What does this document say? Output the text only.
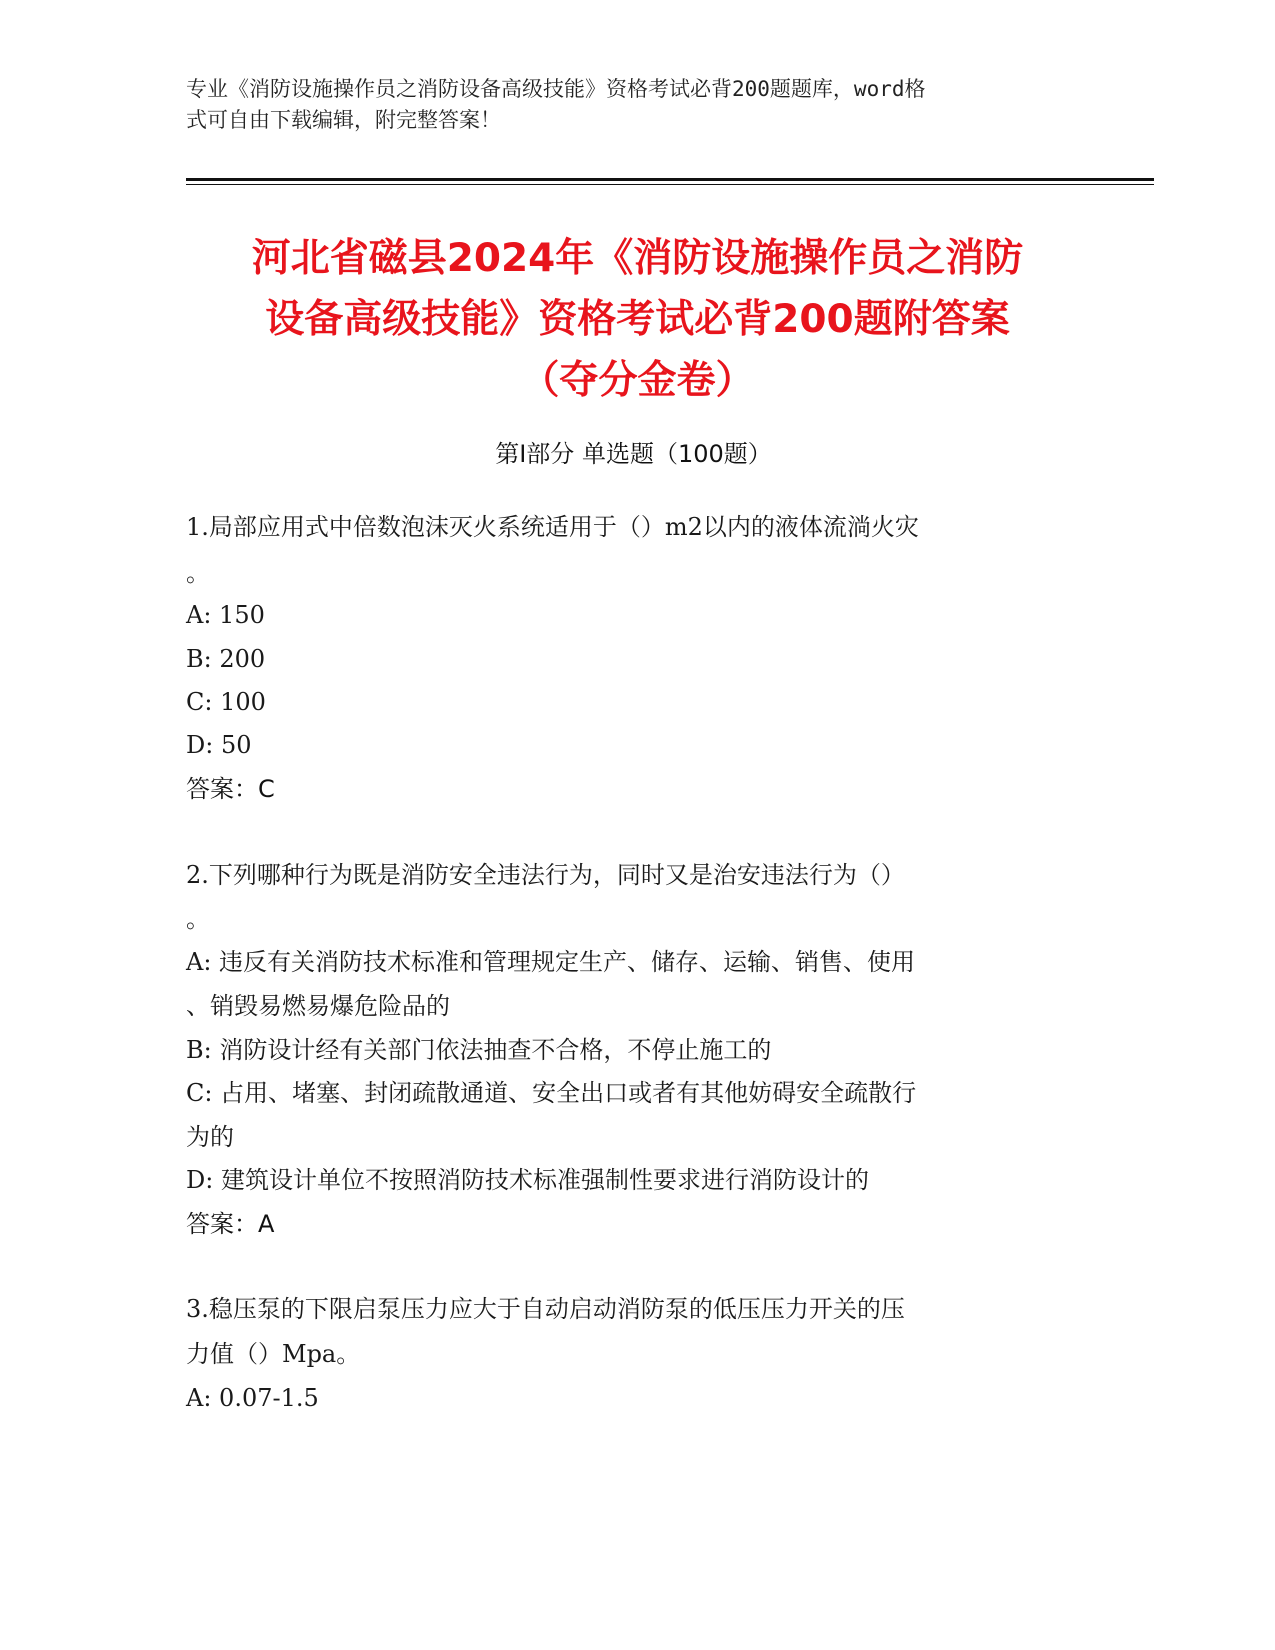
专业《消防设施操作员之消防设备高级技能》资格考试必背200题题库，word格
式可自由下载编辑，附完整答案！
河北省磁县2024年《消防设施操作员之消防
设备高级技能》资格考试必背200题附答案
（夺分金卷）
第Ⅰ部分 单选题（100题）
1.局部应用式中倍数泡沫灭火系统适用于（）m2以内的液体流淌火灾
。
A: 150
B: 200
C: 100
D: 50
答案：C
2.下列哪种行为既是消防安全违法行为，同时又是治安违法行为（）
。
A: 违反有关消防技术标准和管理规定生产、储存、运输、销售、使用
、销毁易燃易爆危险品的
B: 消防设计经有关部门依法抽查不合格，不停止施工的
C: 占用、堵塞、封闭疏散通道、安全出口或者有其他妨碍安全疏散行
为的
D: 建筑设计单位不按照消防技术标准强制性要求进行消防设计的
答案：A
3.稳压泵的下限启泵压力应大于自动启动消防泵的低压压力开关的压
力值（）Mpa。
A: 0.07-1.5
